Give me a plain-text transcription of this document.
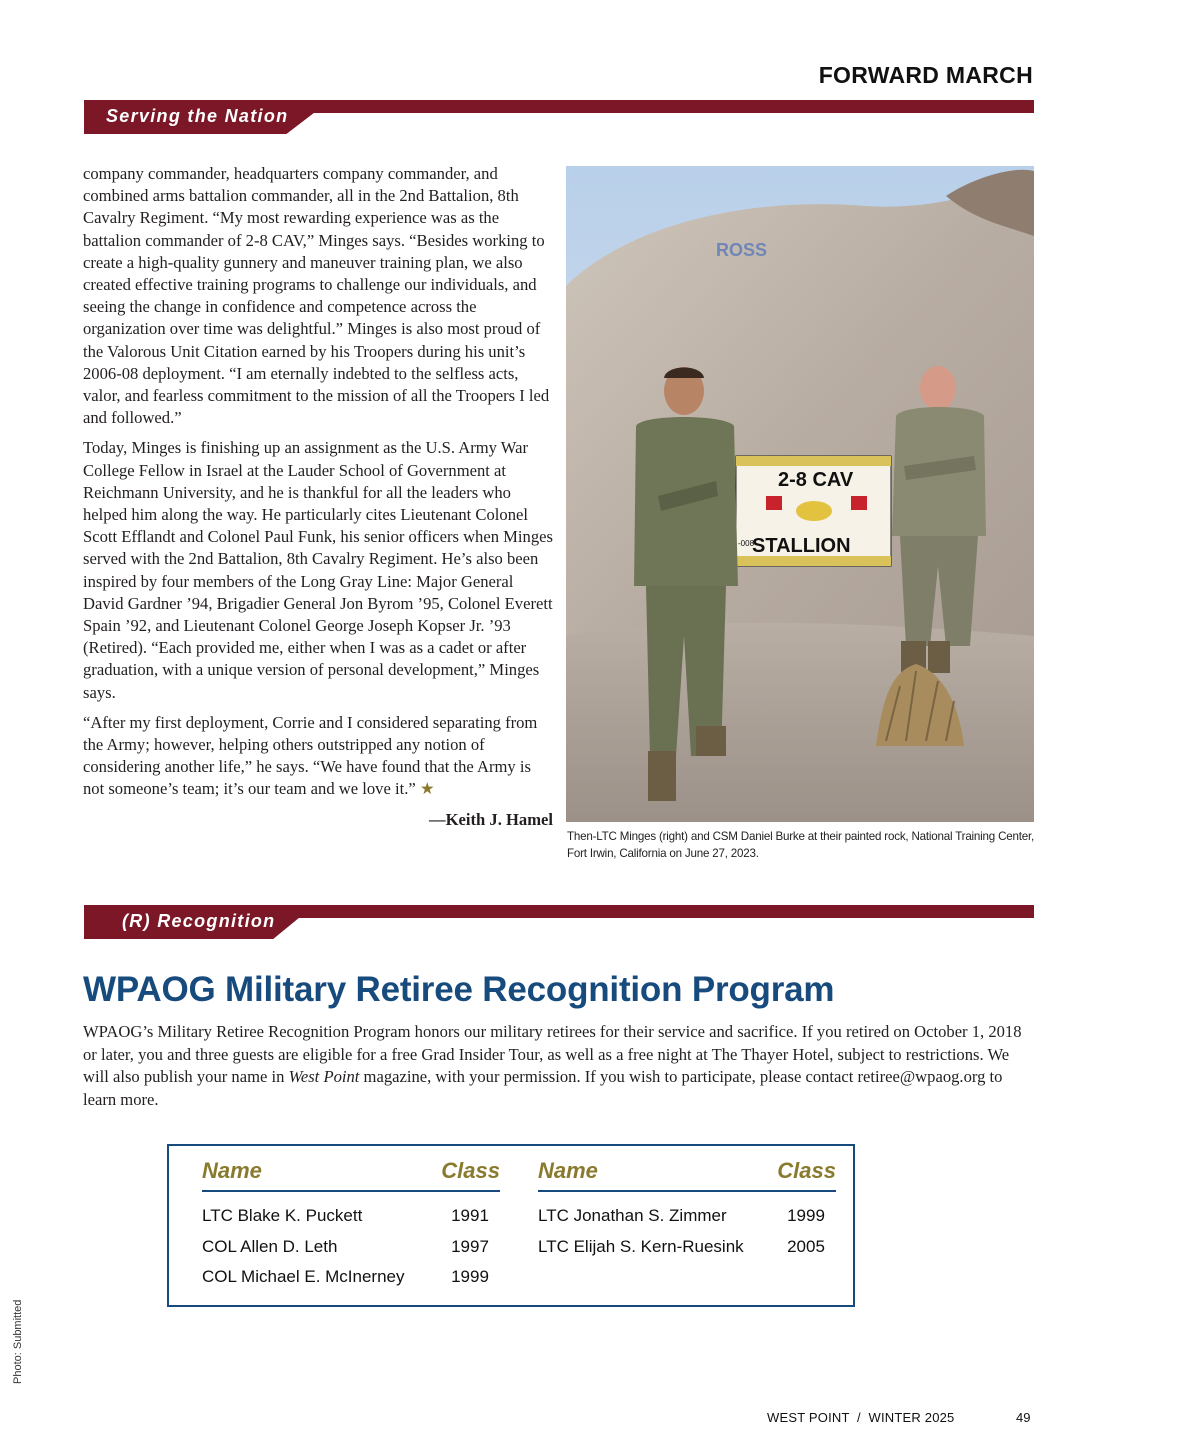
FORWARD MARCH
Serving the Nation

company commander, headquarters company commander, and combined arms battalion commander, all in the 2nd Battalion, 8th Cavalry Regiment. “My most rewarding experience was as the battalion commander of 2-8 CAV,” Minges says. “Besides working to create a high-quality gunnery and maneuver training plan, we also created effective training programs to challenge our individuals, and seeing the change in confidence and competence across the organization over time was delightful.” Minges is also most proud of the Valorous Unit Citation earned by his Troopers during his unit’s 2006-08 deployment. “I am eternally indebted to the selfless acts, valor, and fearless commitment to the mission of all the Troopers I led and followed.”

Today, Minges is finishing up an assignment as the U.S. Army War College Fellow in Israel at the Lauder School of Government at Reichmann University, and he is thankful for all the leaders who helped him along the way. He particularly cites Lieutenant Colonel Scott Efflandt and Colonel Paul Funk, his senior officers when Minges served with the 2nd Battalion, 8th Cavalry Regiment. He’s also been inspired by four members of the Long Gray Line: Major General David Gardner ’94, Brigadier General Jon Byrom ’95, Colonel Everett Spain ’92, and Lieutenant Colonel George Joseph Kopser Jr. ’93 (Retired). “Each provided me, either when I was as a cadet or after graduation, with a unique version of personal development,” Minges says.

“After my first deployment, Corrie and I considered separating from the Army; however, helping others outstripped any notion of considering another life,” he says. “We have found that the Army is not someone’s team; it’s our team and we love it.” ★

—Keith J. Hamel

ROSS
2-8 CAV
STALLION
-008
Then-LTC Minges (right) and CSM Daniel Burke at their painted rock, National Training Center, Fort Irwin, California on June 27, 2023.
(R) Recognition
WPAOG Military Retiree Recognition Program

WPAOG’s Military Retiree Recognition Program honors our military retirees for their service and sacrifice. If you retired on October 1, 2018 or later, you and three guests are eligible for a free Grad Insider Tour, as well as a free night at The Thayer Hotel, subject to restrictions. We will also publish your name in West Point magazine, with your permission. If you wish to participate, please contact retiree@wpaog.org to learn more.

Name	Class
LTC Blake K. Puckett	1991
COL Allen D. Leth	1997
COL Michael E. McInerney	1999
Name	Class
LTC Jonathan S. Zimmer	1999
LTC Elijah S. Kern-Ruesink	2005
Photo: Submitted
WEST POINT  /  WINTER 2025	49
